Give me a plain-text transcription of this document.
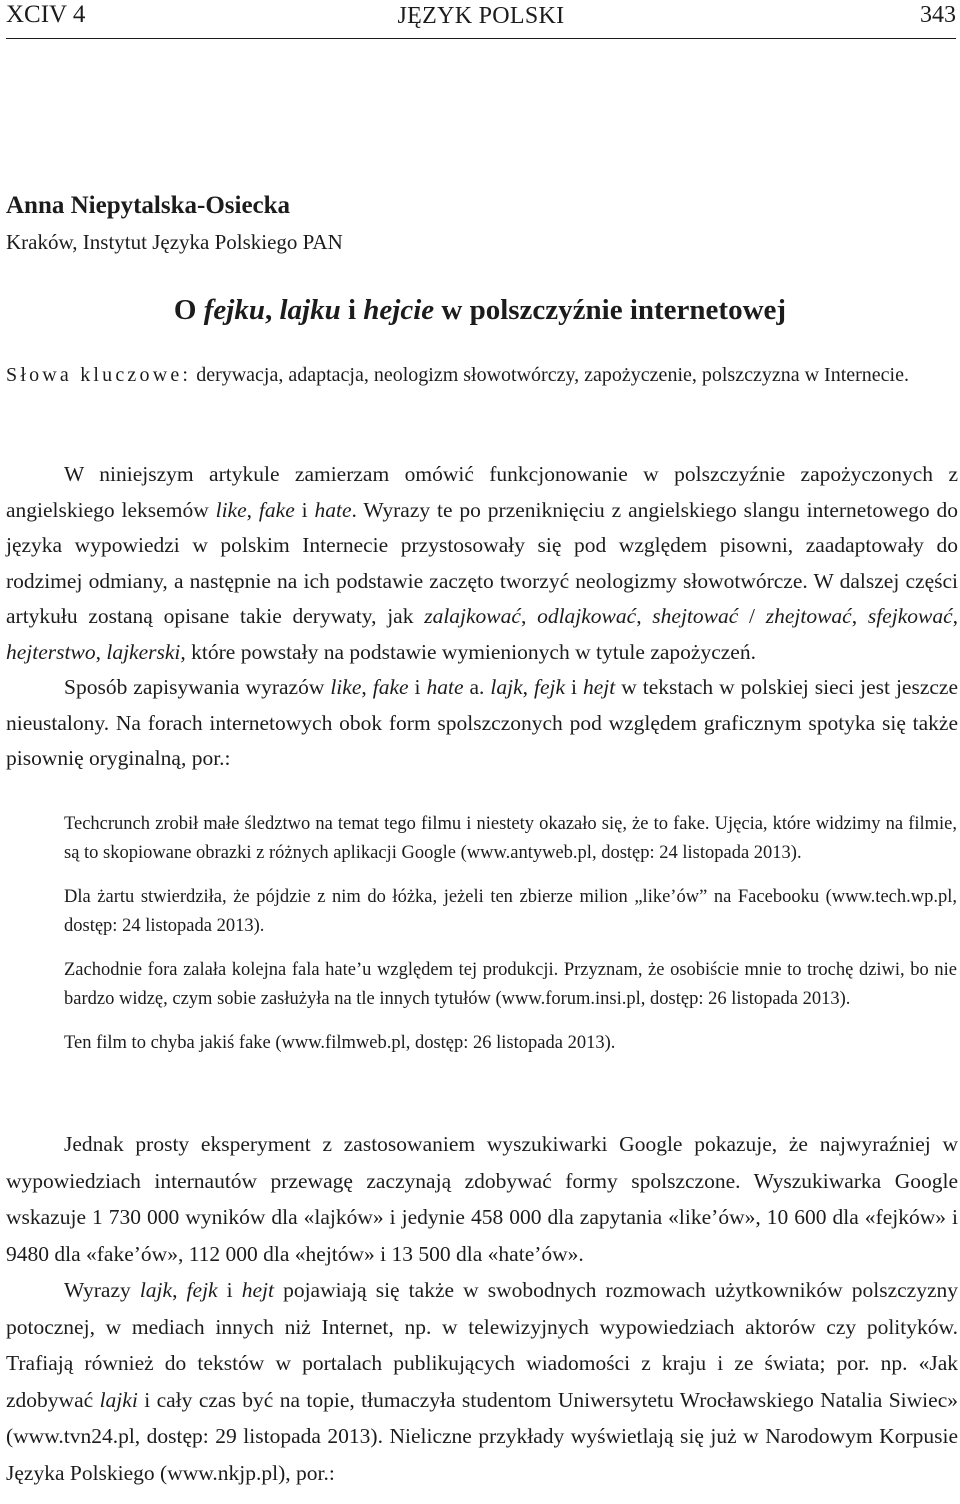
XCIV 4	JĘZYK POLSKI	343
Anna Niepytalska-Osiecka
Kraków, Instytut Języka Polskiego PAN
O fejku, lajku i hejcie w polszczyźnie internetowej
Słowa kluczowe: derywacja, adaptacja, neologizm słowotwórczy, zapożyczenie, polszczyzna w Internecie.

W niniejszym artykule zamierzam omówić funkcjonowanie w polszczyźnie zapożyczonych z angielskiego leksemów like, fake i hate. Wyrazy te po przeniknięciu z angielskiego slangu internetowego do języka wypowiedzi w polskim Internecie przystosowały się pod względem pisowni, zaadaptowały do rodzimej odmiany, a następnie na ich podstawie zaczęto tworzyć neologizmy słowotwórcze. W dalszej części artykułu zostaną opisane takie derywaty, jak zalajkować, odlajkować, shejtować / zhejtować, sfejkować, hejterstwo, lajkerski, które powstały na podstawie wymienionych w tytule zapożyczeń.

Sposób zapisywania wyrazów like, fake i hate a. lajk, fejk i hejt w tekstach w polskiej sieci jest jeszcze nieustalony. Na forach internetowych obok form spolszczonych pod względem graficznym spotyka się także pisownię oryginalną, por.:

Techcrunch zrobił małe śledztwo na temat tego filmu i niestety okazało się, że to fake. Ujęcia, które widzimy na filmie, są to skopiowane obrazki z różnych aplikacji Google (www.antyweb.pl, dostęp: 24 listopada 2013).

Dla żartu stwierdziła, że pójdzie z nim do łóżka, jeżeli ten zbierze milion „like’ów” na Facebooku (www.tech.wp.pl, dostęp: 24 listopada 2013).

Zachodnie fora zalała kolejna fala hate’u względem tej produkcji. Przyznam, że osobiście mnie to trochę dziwi, bo nie bardzo widzę, czym sobie zasłużyła na tle innych tytułów (www.forum.insi.pl, dostęp: 26 listopada 2013).

Ten film to chyba jakiś fake (www.filmweb.pl, dostęp: 26 listopada 2013).

Jednak prosty eksperyment z zastosowaniem wyszukiwarki Google pokazuje, że najwyraźniej w wypowiedziach internautów przewagę zaczynają zdobywać formy spolszczone. Wyszukiwarka Google wskazuje 1 730 000 wyników dla «lajków» i jedynie 458 000 dla zapytania «like’ów», 10 600 dla «fejków» i 9480 dla «fake’ów», 112 000 dla «hejtów» i 13 500 dla «hate’ów».

Wyrazy lajk, fejk i hejt pojawiają się także w swobodnych rozmowach użytkowników polszczyzny potocznej, w mediach innych niż Internet, np. w telewizyjnych wypowiedziach aktorów czy polityków. Trafiają również do tekstów w portalach publikujących wiadomości z kraju i ze świata; por. np. «Jak zdobywać lajki i cały czas być na topie, tłumaczyła studentom Uniwersytetu Wrocławskiego Natalia Siwiec» (www.tvn24.pl, dostęp: 29 listopada 2013). Nieliczne przykłady wyświetlają się już w Narodowym Korpusie Języka Polskiego (www.nkjp.pl), por.:
